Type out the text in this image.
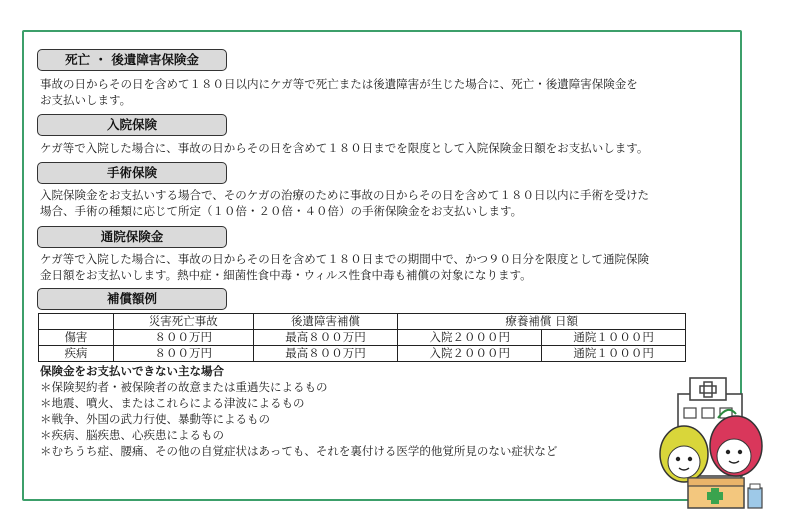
死亡 ・ 後遺障害保険金

事故の日からその日を含めて１８０日以内にケガ等で死亡または後遺障害が生じた場合に、死亡・後遺障害保険金を
お支払いします。

入院保険

ケガ等で入院した場合に、事故の日からその日を含めて１８０日までを限度として入院保険金日額をお支払いします。

手術保険

入院保険金をお支払いする場合で、そのケガの治療のために事故の日からその日を含めて１８０日以内に手術を受けた
場合、手術の種類に応じて所定（１０倍・２０倍・４０倍）の手術保険金をお支払いします。

通院保険金

ケガ等で入院した場合に、事故の日からその日を含めて１８０日までの期間中で、かつ９０日分を限度として通院保険
金日額をお支払いします。熱中症・細菌性食中毒・ウィルス性食中毒も補償の対象になります。

補償額例
	災害死亡事故	後遺障害補償	療養補償 日額	
傷害	８００万円	最高８００万円	入院２０００円	通院１０００円
疾病	８００万円	最高８００万円	入院２０００円	通院１０００円
保険金をお支払いできない主な場合
＊保険契約者・被保険者の故意または重過失によるもの
＊地震、噴火、またはこれらによる津波によるもの
＊戦争、外国の武力行使、暴動等によるもの
＊疾病、脳疾患、心疾患によるもの
＊むちうち症、腰痛、その他の自覚症状はあっても、それを裏付ける医学的他覚所見のない症状など
